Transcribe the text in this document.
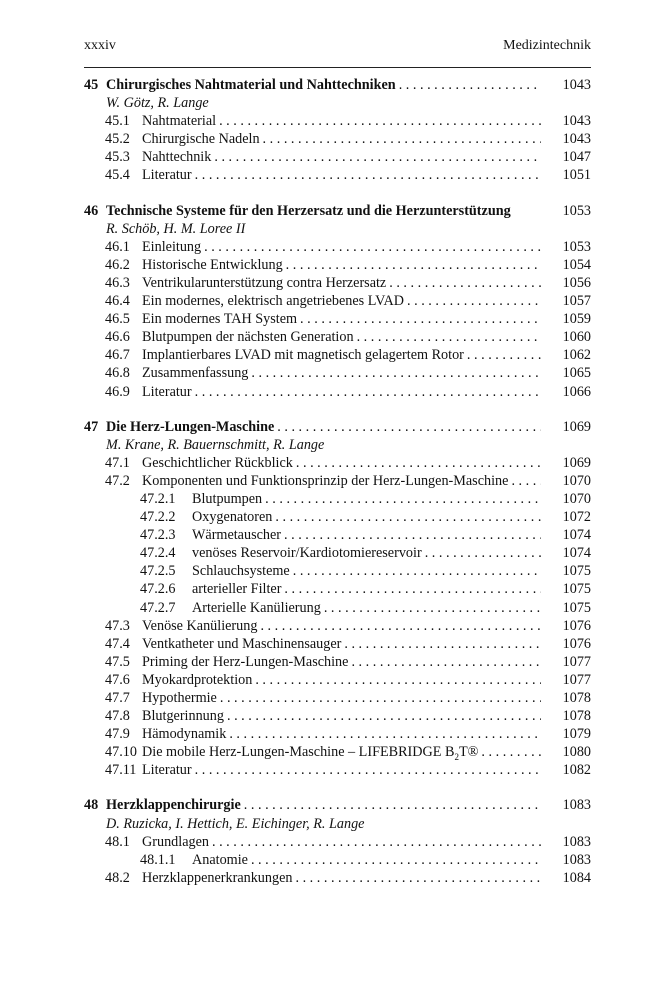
xxxiv	Medizintechnik
45 Chirurgisches Nahtmaterial und Nahttechniken . . .	1043
W. Götz, R. Lange
45.1 Nahtmaterial . . .	1043
45.2 Chirurgische Nadeln . . .	1043
45.3 Nahttechnik . . .	1047
45.4 Literatur . . .	1051
46 Technische Systeme für den Herzersatz und die Herzunterstützung	1053
R. Schöb, H. M. Loree II
46.1 Einleitung . . .	1053
46.2 Historische Entwicklung . . .	1054
46.3 Ventrikularunterstützung contra Herzersatz . . .	1056
46.4 Ein modernes, elektrisch angetriebenes LVAD . . .	1057
46.5 Ein modernes TAH System . . .	1059
46.6 Blutpumpen der nächsten Generation . . .	1060
46.7 Implantierbares LVAD mit magnetisch gelagertem Rotor . . .	1062
46.8 Zusammenfassung . . .	1065
46.9 Literatur . . .	1066
47 Die Herz-Lungen-Maschine . . .	1069
M. Krane, R. Bauernschmitt, R. Lange
47.1 Geschichtlicher Rückblick . . .	1069
47.2 Komponenten und Funktionsprinzip der Herz-Lungen-Maschine . . .	1070
47.2.1 Blutpumpen . . .	1070
47.2.2 Oxygenatoren . . .	1072
47.2.3 Wärmetauscher . . .	1074
47.2.4 venöses Reservoir/Kardiotomiereservoir . . .	1074
47.2.5 Schlauchsysteme . . .	1075
47.2.6 arterieller Filter . . .	1075
47.2.7 Arterielle Kanülierung . . .	1075
47.3 Venöse Kanülierung . . .	1076
47.4 Ventkatheter und Maschinensauger . . .	1076
47.5 Priming der Herz-Lungen-Maschine . . .	1077
47.6 Myokardprotektion . . .	1077
47.7 Hypothermie . . .	1078
47.8 Blutgerinnung . . .	1078
47.9 Hämodynamik . . .	1079
47.10 Die mobile Herz-Lungen-Maschine – LIFEBRIDGE $B_2T®$ . . .	1080
47.11 Literatur . . .	1082
48 Herzklappenchirurgie . . .	1083
D. Ruzicka, I. Hettich, E. Eichinger, R. Lange
48.1 Grundlagen . . .	1083
48.1.1 Anatomie . . .	1083
48.2 Herzklappenerkrankungen . . .	1084
